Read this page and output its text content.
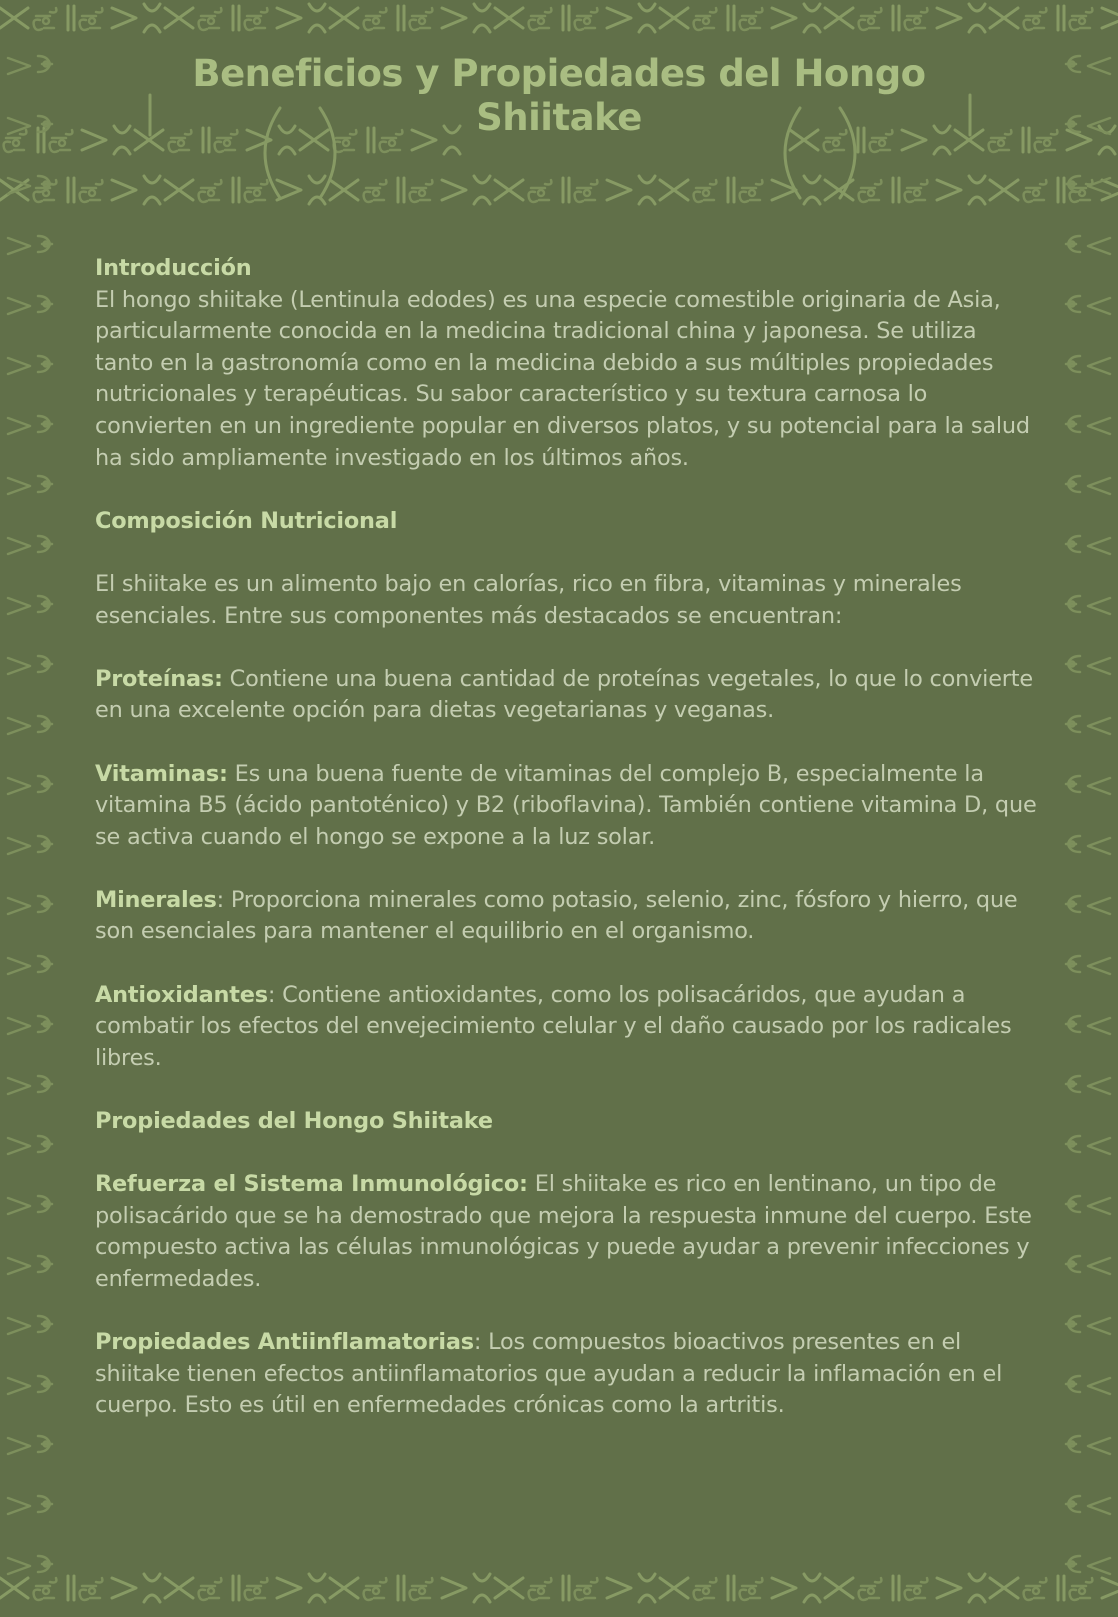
Beneficios y Propiedades del Hongo Shiitake

Introducción

El hongo shiitake (Lentinula edodes) es una especie comestible originaria de Asia, particularmente conocida en la medicina tradicional china y japonesa. Se utiliza tanto en la gastronomía como en la medicina debido a sus múltiples propiedades nutricionales y terapéuticas. Su sabor característico y su textura carnosa lo convierten en un ingrediente popular en diversos platos, y su potencial para la salud ha sido ampliamente investigado en los últimos años.

Composición Nutricional

El shiitake es un alimento bajo en calorías, rico en fibra, vitaminas y minerales esenciales. Entre sus componentes más destacados se encuentran:

Proteínas: Contiene una buena cantidad de proteínas vegetales, lo que lo convierte en una excelente opción para dietas vegetarianas y veganas.

Vitaminas: Es una buena fuente de vitaminas del complejo B, especialmente la vitamina B5 (ácido pantoténico) y B2 (riboflavina). También contiene vitamina D, que se activa cuando el hongo se expone a la luz solar.

Minerales: Proporciona minerales como potasio, selenio, zinc, fósforo y hierro, que son esenciales para mantener el equilibrio en el organismo.

Antioxidantes: Contiene antioxidantes, como los polisacáridos, que ayudan a combatir los efectos del envejecimiento celular y el daño causado por los radicales libres.

Propiedades del Hongo Shiitake

Refuerza el Sistema Inmunológico: El shiitake es rico en lentinano, un tipo de polisacárido que se ha demostrado que mejora la respuesta inmune del cuerpo. Este compuesto activa las células inmunológicas y puede ayudar a prevenir infecciones y enfermedades.

Propiedades Antiinflamatorias: Los compuestos bioactivos presentes en el shiitake tienen efectos antiinflamatorios que ayudan a reducir la inflamación en el cuerpo. Esto es útil en enfermedades crónicas como la artritis.
